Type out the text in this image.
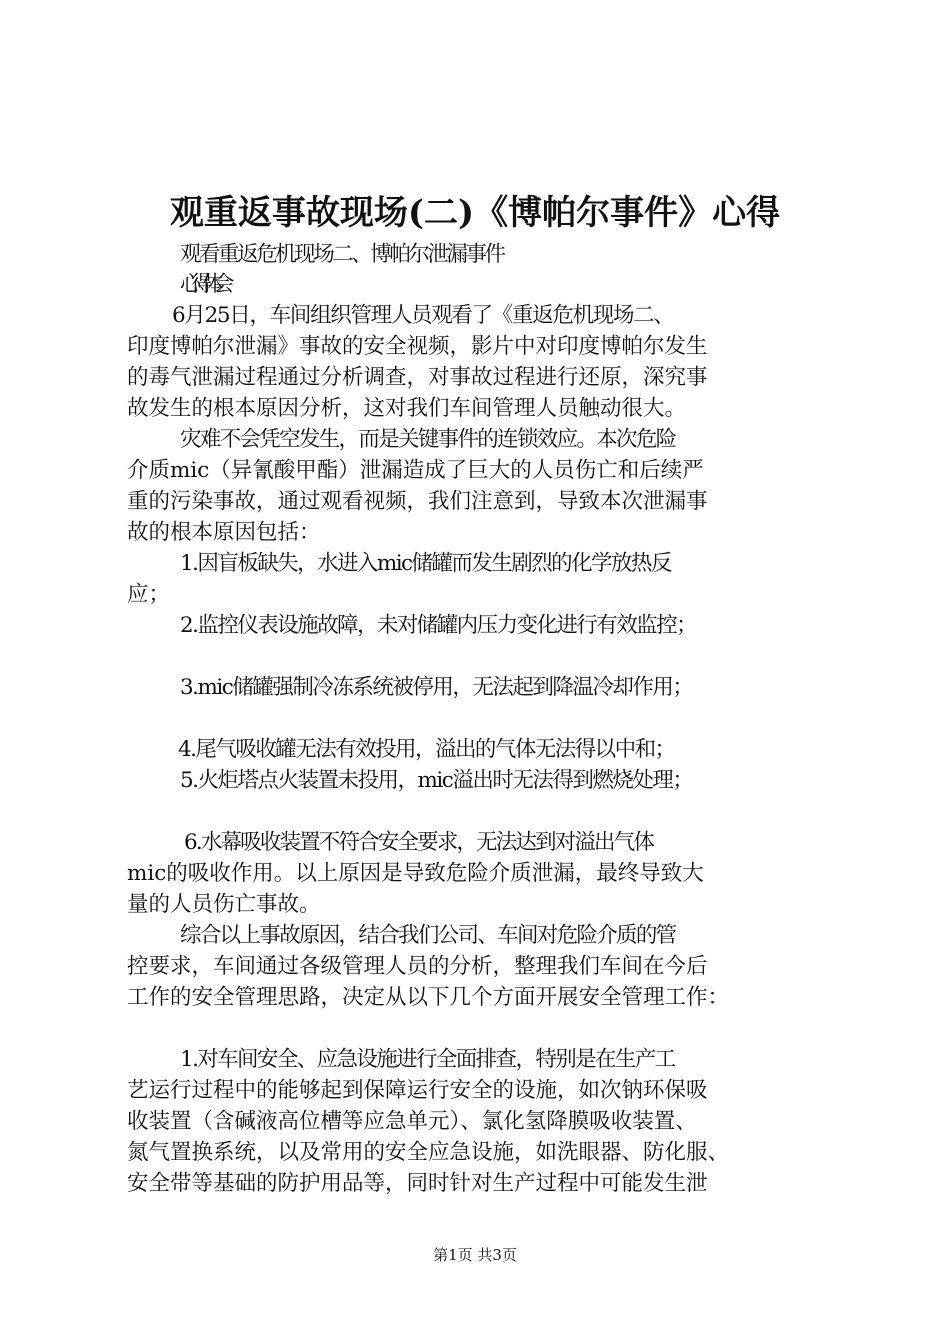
观重返事故现场(二)《博帕尔事件》心得
观看重返危机现场二、博帕尔泄漏事件
心得体会
6月25日，车间组织管理人员观看了《重返危机现场二、
印度博帕尔泄漏》事故的安全视频，影片中对印度博帕尔发生
的毒气泄漏过程通过分析调查，对事故过程进行还原，深究事
故发生的根本原因分析，这对我们车间管理人员触动很大。
灾难不会凭空发生，而是关键事件的连锁效应。本次危险
介质mic（异氰酸甲酯）泄漏造成了巨大的人员伤亡和后续严
重的污染事故，通过观看视频，我们注意到，导致本次泄漏事
故的根本原因包括：
1.因盲板缺失，水进入mic储罐而发生剧烈的化学放热反
应；
2.监控仪表设施故障，未对储罐内压力变化进行有效监控；
3.mic储罐强制冷冻系统被停用，无法起到降温冷却作用；
4.尾气吸收罐无法有效投用，溢出的气体无法得以中和；
5.火炬塔点火装置未投用，mic溢出时无法得到燃烧处理；
6.水幕吸收装置不符合安全要求，无法达到对溢出气体
mic的吸收作用。以上原因是导致危险介质泄漏，最终导致大
量的人员伤亡事故。
综合以上事故原因，结合我们公司、车间对危险介质的管
控要求，车间通过各级管理人员的分析，整理我们车间在今后
工作的安全管理思路，决定从以下几个方面开展安全管理工作：
1.对车间安全、应急设施进行全面排查，特别是在生产工
艺运行过程中的能够起到保障运行安全的设施，如次钠环保吸
收装置（含碱液高位槽等应急单元）、氯化氢降膜吸收装置、
氮气置换系统，以及常用的安全应急设施，如洗眼器、防化服、
安全带等基础的防护用品等，同时针对生产过程中可能发生泄
第1页 共3页
